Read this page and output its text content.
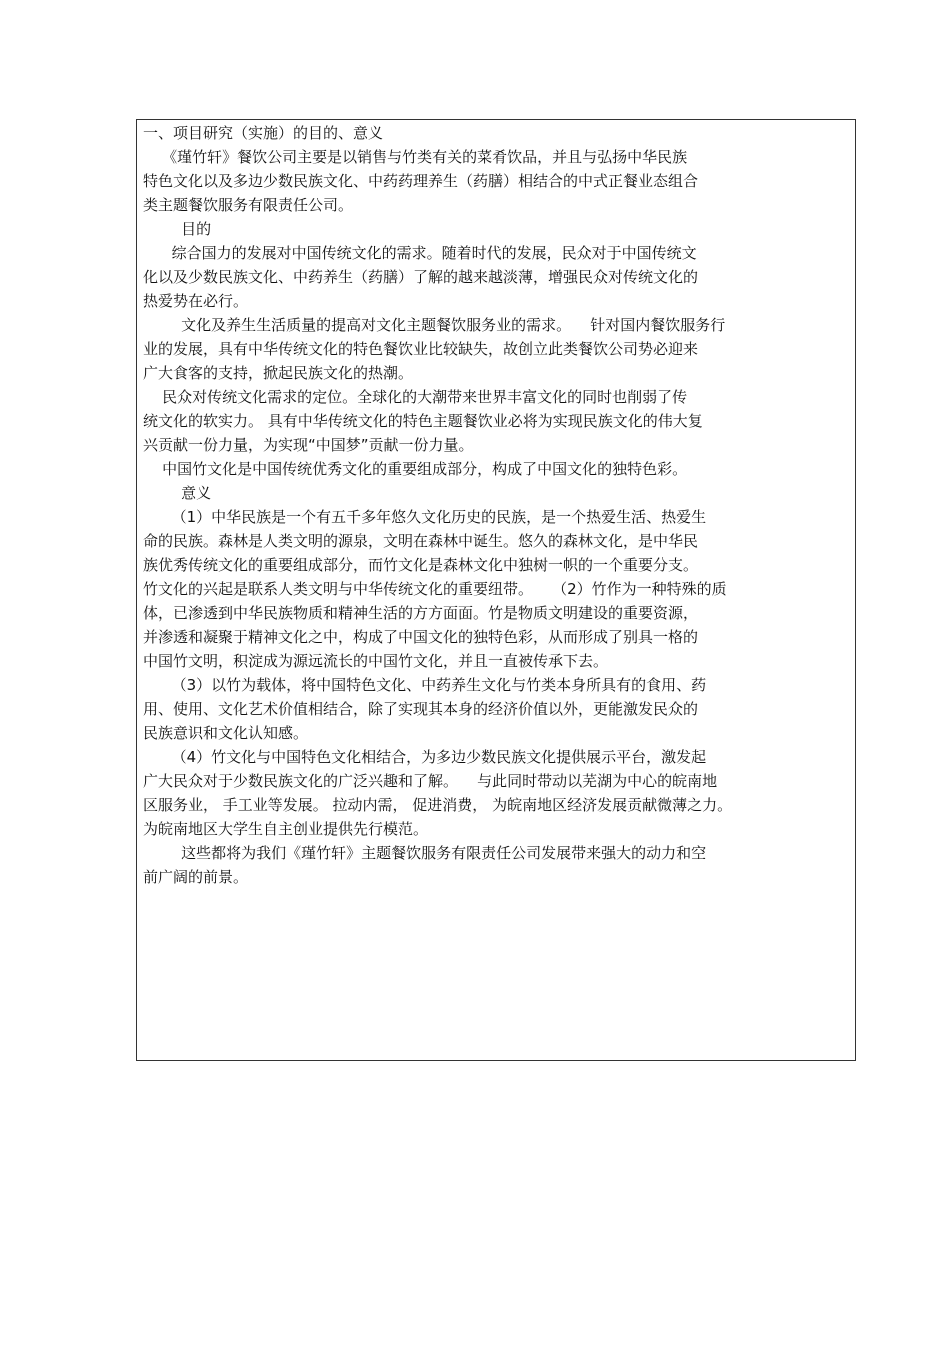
一、项目研究（实施）的目的、意义
《瑾竹轩》餐饮公司主要是以销售与竹类有关的菜肴饮品，并且与弘扬中华民族
特色文化以及多边少数民族文化、中药药理养生（药膳）相结合的中式正餐业态组合
类主题餐饮服务有限责任公司。
目的
综合国力的发展对中国传统文化的需求。随着时代的发展，民众对于中国传统文
化以及少数民族文化、中药养生（药膳）了解的越来越淡薄，增强民众对传统文化的
热爱势在必行。
文化及养生生活质量的提高对文化主题餐饮服务业的需求。    针对国内餐饮服务行
业的发展，具有中华传统文化的特色餐饮业比较缺失，故创立此类餐饮公司势必迎来
广大食客的支持，掀起民族文化的热潮。
民众对传统文化需求的定位。全球化的大潮带来世界丰富文化的同时也削弱了传
统文化的软实力。 具有中华传统文化的特色主题餐饮业必将为实现民族文化的伟大复
兴贡献一份力量，为实现“中国梦”贡献一份力量。
中国竹文化是中国传统优秀文化的重要组成部分，构成了中国文化的独特色彩。
意义
（1）中华民族是一个有五千多年悠久文化历史的民族，是一个热爱生活、热爱生
命的民族。森林是人类文明的源泉，文明在森林中诞生。悠久的森林文化，是中华民
族优秀传统文化的重要组成部分，而竹文化是森林文化中独树一帜的一个重要分支。
竹文化的兴起是联系人类文明与中华传统文化的重要纽带。    （2）竹作为一种特殊的质
体，已渗透到中华民族物质和精神生活的方方面面。竹是物质文明建设的重要资源，
并渗透和凝聚于精神文化之中，构成了中国文化的独特色彩，从而形成了别具一格的
中国竹文明，积淀成为源远流长的中国竹文化，并且一直被传承下去。
（3）以竹为载体，将中国特色文化、中药养生文化与竹类本身所具有的食用、药
用、使用、文化艺术价值相结合，除了实现其本身的经济价值以外，更能激发民众的
民族意识和文化认知感。
（4）竹文化与中国特色文化相结合，为多边少数民族文化提供展示平台，激发起
广大民众对于少数民族文化的广泛兴趣和了解。    与此同时带动以芜湖为中心的皖南地
区服务业， 手工业等发展。 拉动内需， 促进消费， 为皖南地区经济发展贡献微薄之力。
为皖南地区大学生自主创业提供先行模范。
这些都将为我们《瑾竹轩》主题餐饮服务有限责任公司发展带来强大的动力和空
前广阔的前景。
